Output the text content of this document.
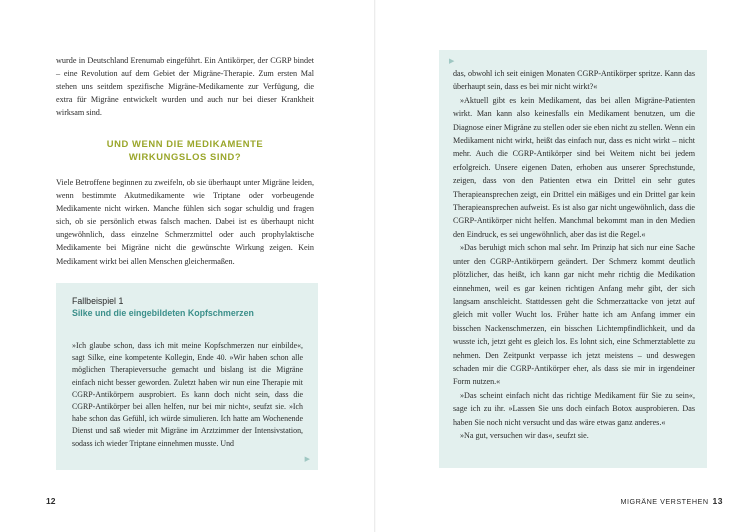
wurde in Deutschland Erenumab eingeführt. Ein Antikörper, der CGRP bindet – eine Revolution auf dem Gebiet der Migräne-Therapie. Zum ersten Mal stehen uns seitdem spezifische Migräne-Medikamente zur Verfügung, die extra für Migräne entwickelt wurden und auch nur bei dieser Krankheit wirksam sind.

UND WENN DIE MEDIKAMENTE
WIRKUNGSLOS SIND?

Viele Betroffene beginnen zu zweifeln, ob sie überhaupt unter Migräne leiden, wenn bestimmte Akutmedikamente wie Triptane oder vorbeugende Medikamente nicht wirken. Manche fühlen sich sogar schuldig und fragen sich, ob sie persönlich etwas falsch machen. Dabei ist es überhaupt nicht ungewöhnlich, dass einzelne Schmerzmittel oder auch prophylaktische Medikamente bei Migräne nicht die gewünschte Wirkung zeigen. Kein Medikament wirkt bei allen Menschen gleichermaßen.

Fallbeispiel 1
Silke und die eingebildeten Kopfschmerzen

»Ich glaube schon, dass ich mit meine Kopfschmerzen nur einbilde«, sagt Silke, eine kompetente Kollegin, Ende 40. »Wir haben schon alle möglichen Therapieversuche gemacht und bislang ist die Migräne einfach nicht besser geworden. Zuletzt haben wir nun eine Therapie mit CGRP-Antikörpern ausprobiert. Es kann doch nicht sein, dass die CGRP-Antikörper bei allen helfen, nur bei mir nicht«, seufzt sie. »Ich habe schon das Gefühl, ich würde simulieren. Ich hatte am Wochenende Dienst und saß wieder mit Migräne im Arztzimmer der Intensivstation, sodass ich wieder Triptane einnehmen musste. Und

▶
12
▶

das, obwohl ich seit einigen Monaten CGRP-Antikörper spritze. Kann das überhaupt sein, dass es bei mir nicht wirkt?«

»Aktuell gibt es kein Medikament, das bei allen Migräne-Patienten wirkt. Man kann also keinesfalls ein Medikament benutzen, um die Diagnose einer Migräne zu stellen oder sie eben nicht zu stellen. Wenn ein Medikament nicht wirkt, heißt das einfach nur, dass es nicht wirkt – nicht mehr. Auch die CGRP-Antikörper sind bei Weitem nicht bei jedem erfolgreich. Unsere eigenen Daten, erhoben aus unserer Sprechstunde, zeigen, dass von den Patienten etwa ein Drittel ein sehr gutes Therapieansprechen zeigt, ein Drittel ein mäßiges und ein Drittel gar kein Therapieansprechen aufweist. Es ist also gar nicht ungewöhnlich, dass die CGRP-Antikörper nicht helfen. Manchmal bekommt man in den Medien den Eindruck, es sei ungewöhnlich, aber das ist die Regel.«

»Das beruhigt mich schon mal sehr. Im Prinzip hat sich nur eine Sache unter den CGRP-Antikörpern geändert. Der Schmerz kommt deutlich plötzlicher, das heißt, ich kann gar nicht mehr richtig die Medikation einnehmen, weil es gar keinen richtigen Anfang mehr gibt, der sich langsam anschleicht. Stattdessen geht die Schmerzattacke von jetzt auf gleich mit voller Wucht los. Früher hatte ich am Anfang immer ein bisschen Nackenschmerzen, ein bisschen Lichtempfindlichkeit, und da wusste ich, jetzt geht es gleich los. Es lohnt sich, eine Schmerztablette zu nehmen. Den Zeitpunkt verpasse ich jetzt meistens – und deswegen schaden mir die CGRP-Antikörper eher, als dass sie mir in irgendeiner Form nutzen.«

»Das scheint einfach nicht das richtige Medikament für Sie zu sein«, sage ich zu ihr. »Lassen Sie uns doch einfach Botox ausprobieren. Das haben Sie noch nicht versucht und das wäre etwas ganz anderes.«

»Na gut, versuchen wir das«, seufzt sie.

MIGRÄNE VERSTEHEN 13
